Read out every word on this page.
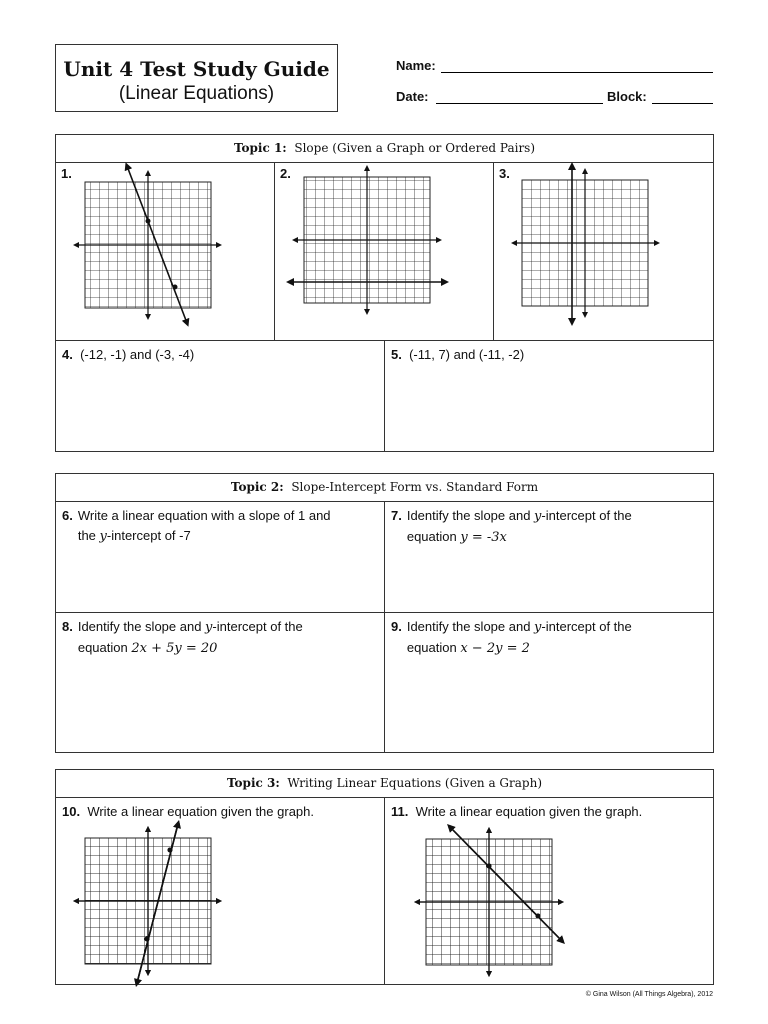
Unit 4 Test Study Guide
(Linear Equations)
Name:
Date:	Block:
Topic 1: Slope (Given a Graph or Ordered Pairs)
1.	2.	3.
4. (-12, -1) and (-3, -4)	5. (-11, 7) and (-11, -2)
Topic 2: Slope-Intercept Form vs. Standard Form
6. Write a linear equation with a slope of 1 and
the y-intercept of -7
7. Identify the slope and y-intercept of the
equation y = -3x
8. Identify the slope and y-intercept of the
equation 2x + 5y = 20
9. Identify the slope and y-intercept of the
equation x − 2y = 2
Topic 3: Writing Linear Equations (Given a Graph)
10. Write a linear equation given the graph.	11. Write a linear equation given the graph.
© Gina Wilson (All Things Algebra), 2012
